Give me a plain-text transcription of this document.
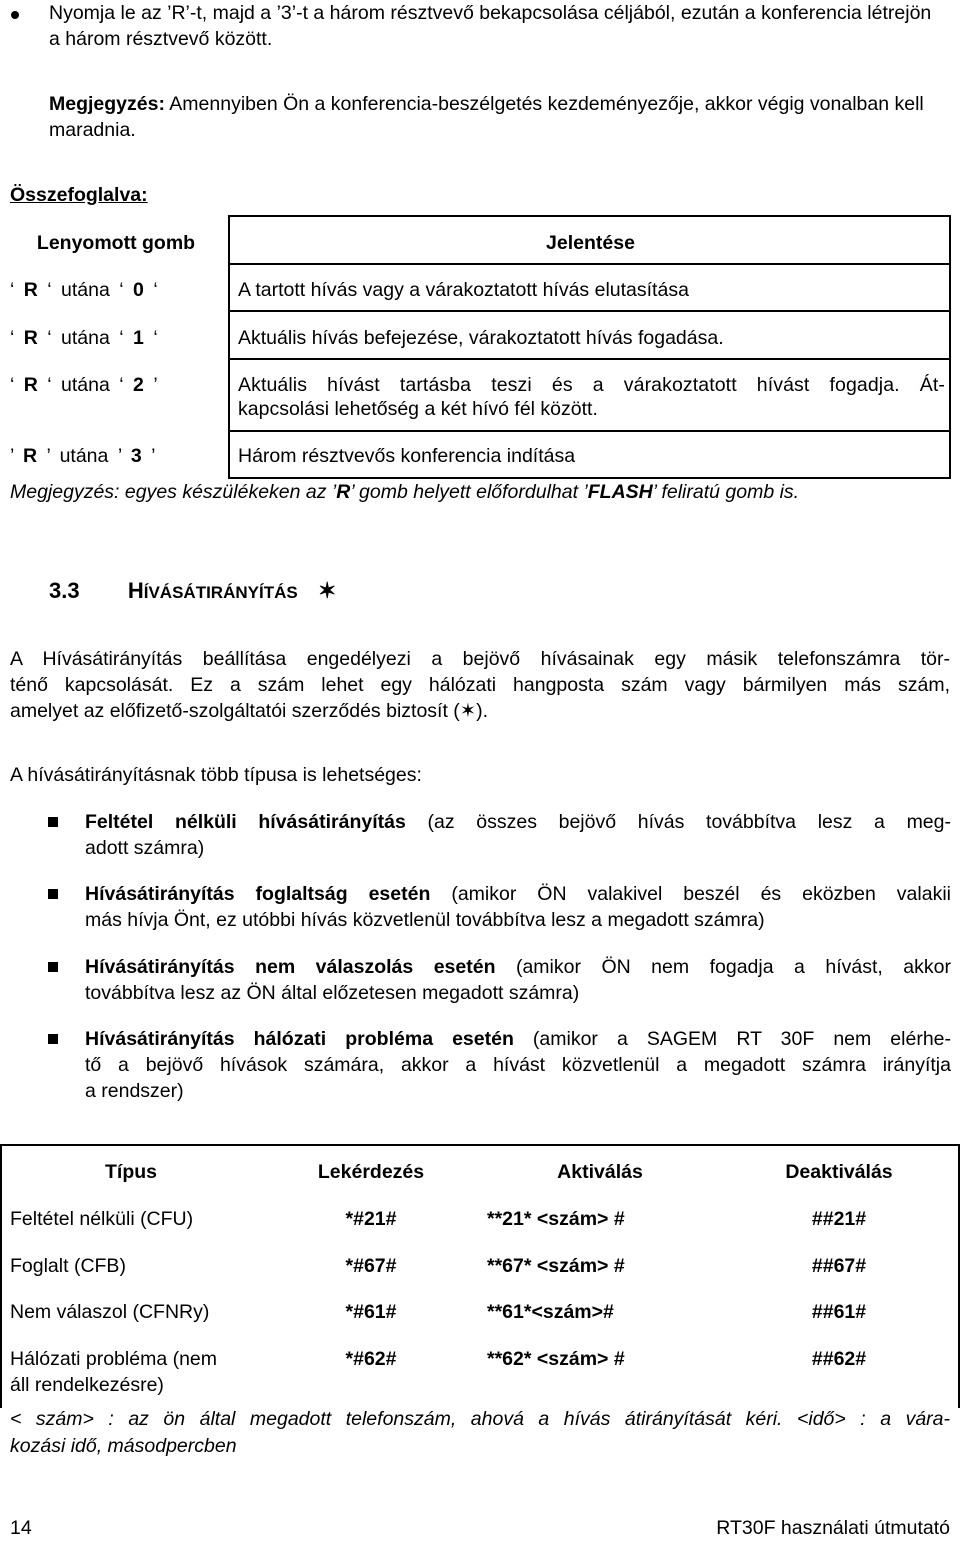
Nyomja le az ’R’-t, majd a ’3’-t a három résztvevő bekapcsolása céljából, ezután a konferencia létrejön a három résztvevő között.
Megjegyzés: Amennyiben Ön a konferencia-beszélgetés kezdeményezője, akkor végig vonalban kell maradnia.
Összefoglalva:
Lenyomott gomb	Jelentése
‘ R ‘ utána ‘ 0 ‘	A tartott hívás vagy a várakoztatott hívás elutasítása
‘ R ‘ utána ‘ 1 ‘	Aktuális hívás befejezése, várakoztatott hívás fogadása.
‘ R ‘ utána ‘ 2 ’	Aktuális hívást tartásba teszi és a várakoztatott hívást fogadja. Át-
kapcsolási lehetőség a két hívó fél között.
’ R ’ utána ’ 3 ’	Három résztvevős konferencia indítása
Megjegyzés: egyes készülékeken az ’R’ gomb helyett előfordulhat ’FLASH’ feliratú gomb is.
3.3 HÍVÁSÁTIRÁNYÍTÁS ✶
A Hívásátirányítás beállítása engedélyezi a bejövő hívásainak egy másik telefonszámra tör-
ténő kapcsolását. Ez a szám lehet egy hálózati hangposta szám vagy bármilyen más szám,
amelyet az előfizető-szolgáltatói szerződés biztosít (✶).
A hívásátirányításnak több típusa is lehetséges:
Feltétel nélküli hívásátirányítás (az összes bejövő hívás továbbítva lesz a meg-
adott számra)
Hívásátirányítás foglaltság esetén (amikor ÖN valakivel beszél és eközben valakii
más hívja Önt, ez utóbbi hívás közvetlenül továbbítva lesz a megadott számra)
Hívásátirányítás nem válaszolás esetén (amikor ÖN nem fogadja a hívást, akkor
továbbítva lesz az ÖN által előzetesen megadott számra)
Hívásátirányítás hálózati probléma esetén (amikor a SAGEM RT 30F nem elérhe-
tő a bejövő hívások számára, akkor a hívást közvetlenül a megadott számra irányítja
a rendszer)
Típus	Lekérdezés	Aktiválás	Deaktiválás
Feltétel nélküli (CFU)	*#21#	**21* <szám> #	##21#
Foglalt (CFB)	*#67#	**67* <szám> #	##67#
Nem válaszol (CFNRy)	*#61#	**61*<szám>#	##61#
Hálózati probléma (nem
áll rendelkezésre)
*#62#	**62* <szám> #	##62#
< szám> : az ön által megadott telefonszám, ahová a hívás átirányítását kéri. <idő> : a vára-
kozási idő, másodpercben
14	RT30F használati útmutató
